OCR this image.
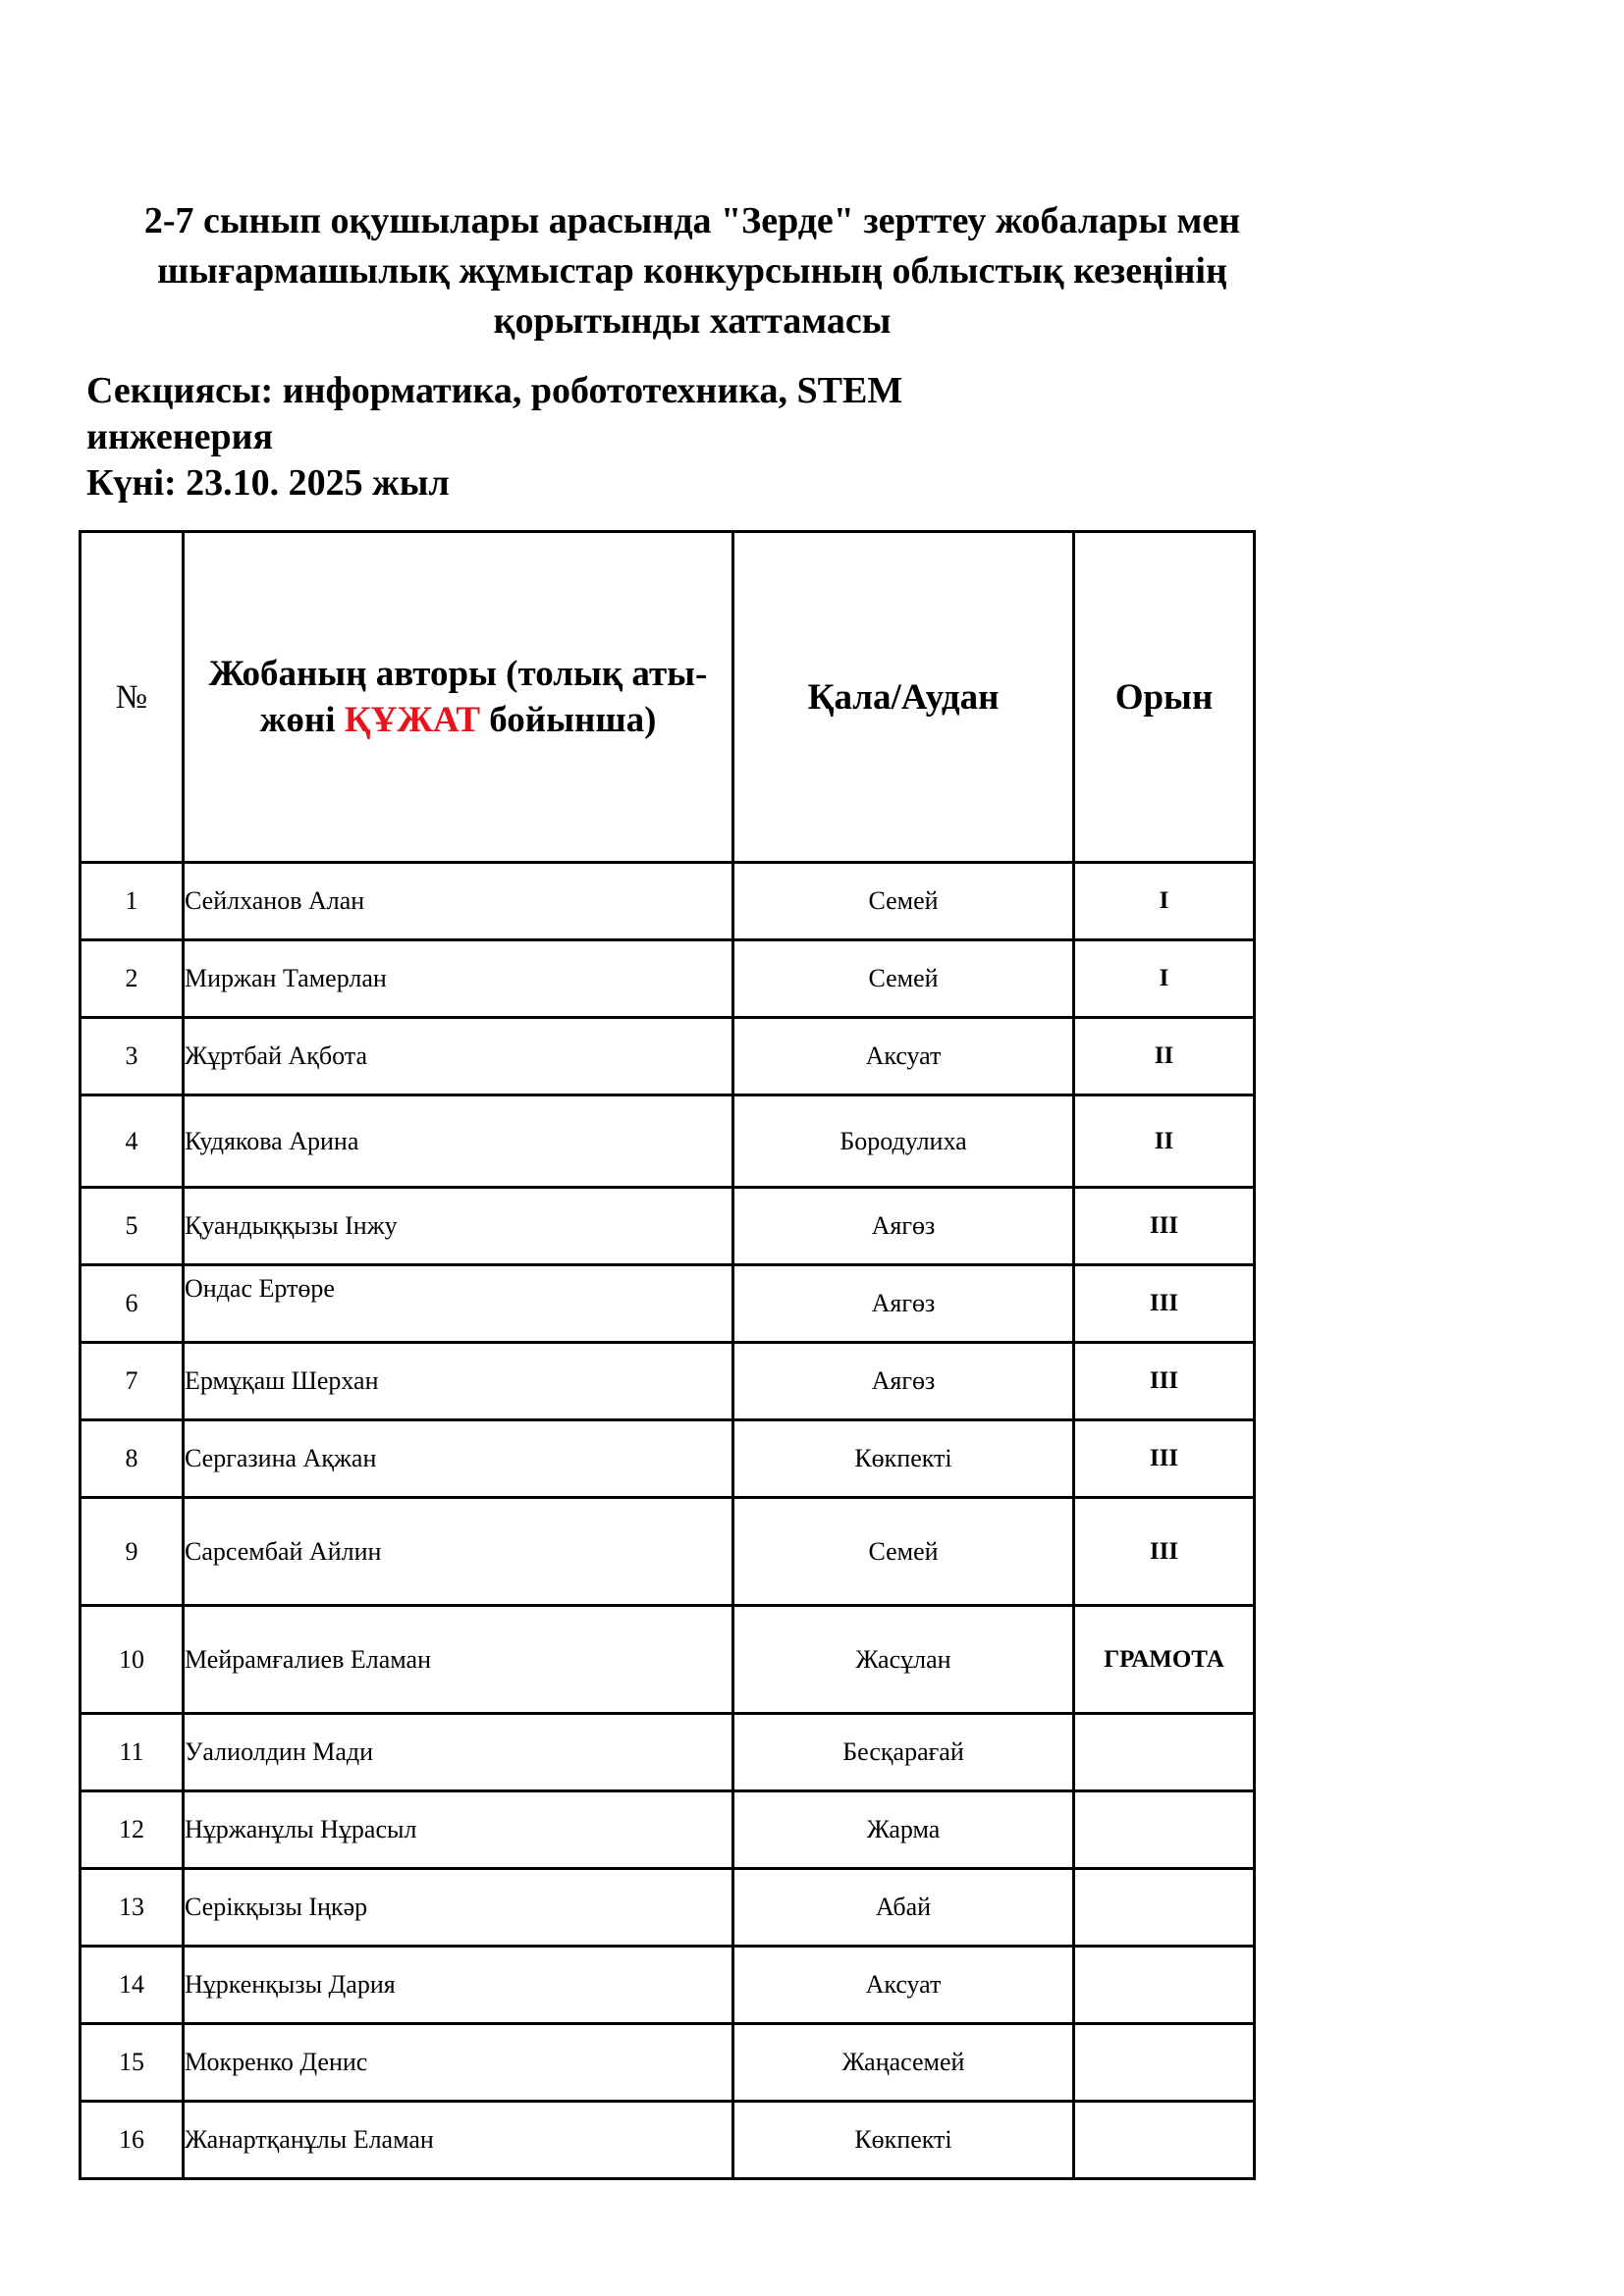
2-7 сынып оқушылары арасында "Зерде" зерттеу жобалары мен
шығармашылық жұмыстар конкурсының облыстық кезеңінің
қорытынды хаттамасы
Секциясы: информатика, робототехника, STEM
инженерия
Күні: 23.10. 2025 жыл
№	Жобаның авторы (толық аты-жөні ҚҰЖАТ бойынша)	Қала/Аудан	Орын
1	Сейлханов Алан	Семей	I
2	Миржан Тамерлан	Семей	I
3	Жұртбай Ақбота	Аксуат	II
4	Кудякова Арина	Бородулиха	II
5	Қуандыққызы Інжу	Аягөз	III
6	Ондас Ертөре	Аягөз	III
7	Ермұқаш Шерхан	Аягөз	III
8	Сергазина Ақжан	Көкпекті	III
9	Сарсембай Айлин	Семей	III
10	Мейрамғалиев Еламан	Жасұлан	ГРАМОТА
11	Уалиолдин Мади	Бесқарағай	
12	Нұржанұлы Нұрасыл	Жарма	
13	Серікқызы Іңкәр	Абай	
14	Нұркенқызы Дария	Аксуат	
15	Мокренко Денис	Жаңасемей	
16	Жанартқанұлы Еламан	Көкпекті	
